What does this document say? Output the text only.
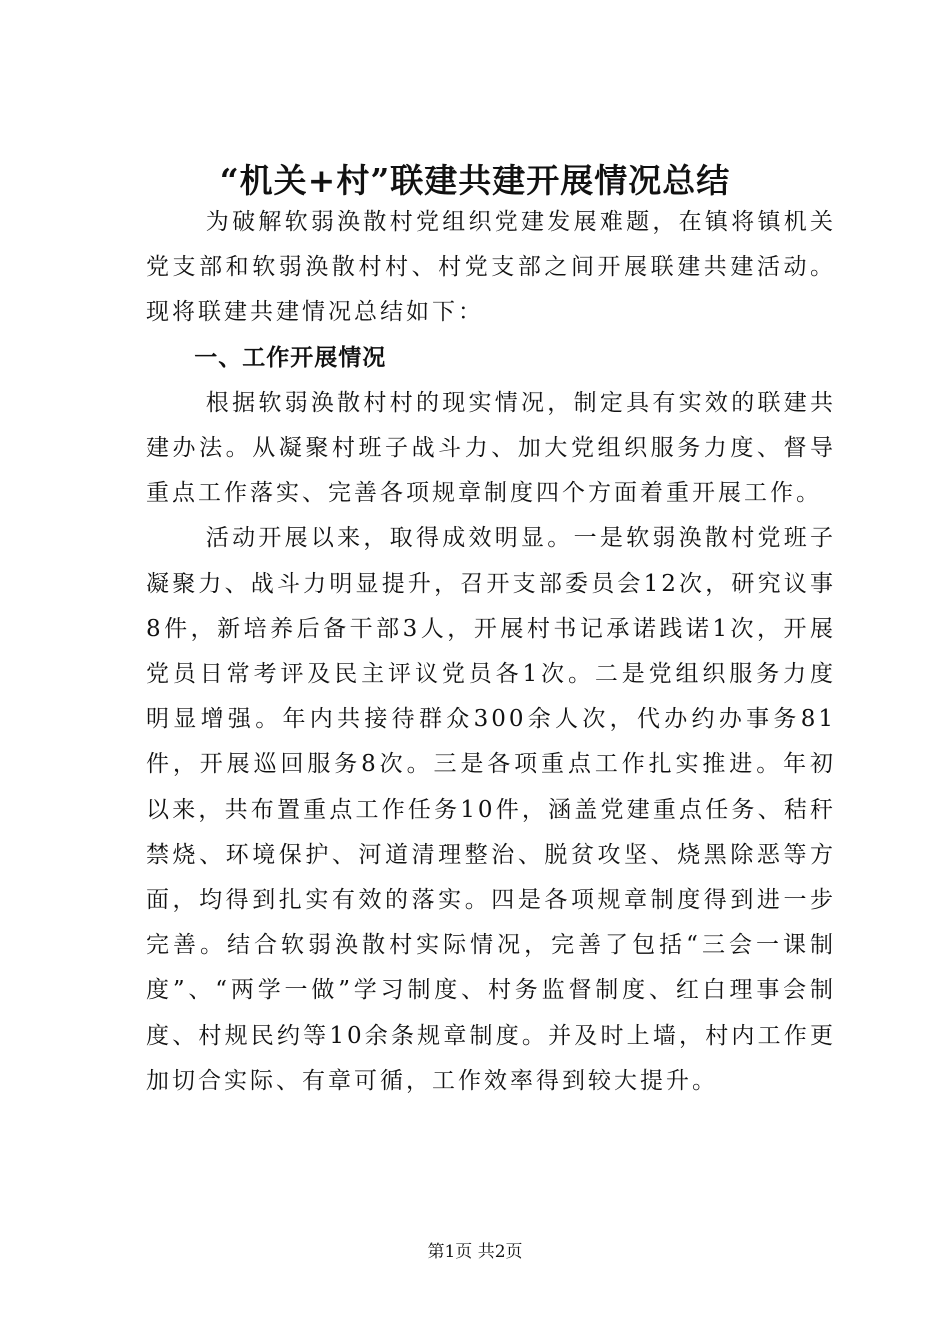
“机关+村”联建共建开展情况总结

为破解软弱涣散村党组织党建发展难题，在镇将镇机关党支部和软弱涣散村村、村党支部之间开展联建共建活动。现将联建共建情况总结如下：

一、工作开展情况

根据软弱涣散村村的现实情况，制定具有实效的联建共建办法。从凝聚村班子战斗力、加大党组织服务力度、督导重点工作落实、完善各项规章制度四个方面着重开展工作。

活动开展以来，取得成效明显。一是软弱涣散村党班子凝聚力、战斗力明显提升，召开支部委员会12次，研究议事8件，新培养后备干部3人，开展村书记承诺践诺1次，开展党员日常考评及民主评议党员各1次。二是党组织服务力度明显增强。年内共接待群众300余人次，代办约办事务81件，开展巡回服务8次。三是各项重点工作扎实推进。年初以来，共布置重点工作任务10件，涵盖党建重点任务、秸秆禁烧、环境保护、河道清理整治、脱贫攻坚、烧黑除恶等方面，均得到扎实有效的落实。四是各项规章制度得到进一步完善。结合软弱涣散村实际情况，完善了包括“三会一课制度”、“两学一做”学习制度、村务监督制度、红白理事会制度、村规民约等10余条规章制度。并及时上墙，村内工作更加切合实际、有章可循，工作效率得到较大提升。

第1页 共2页
